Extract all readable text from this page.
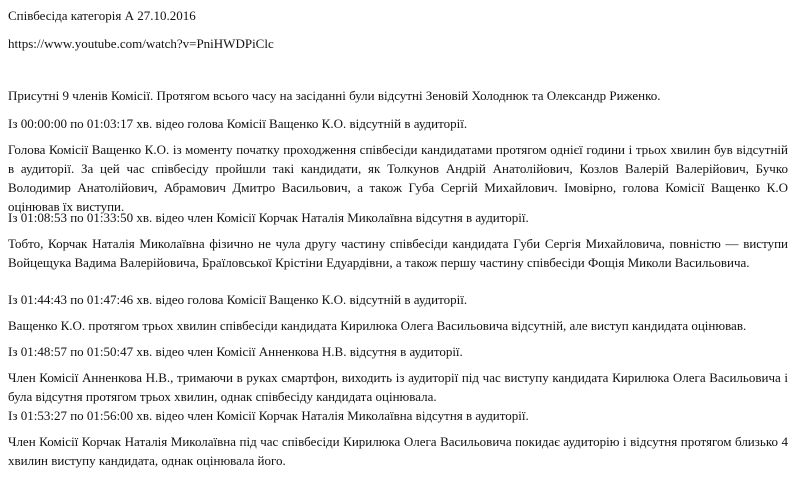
Співбесіда категорія А 27.10.2016

https://www.youtube.com/watch?v=PniHWDPiClc

Присутні 9 членів Комісії. Протягом всього часу на засіданні були відсутні Зеновій Холоднюк та Олександр Риженко.

Із 00:00:00 по 01:03:17 хв. відео голова Комісії Ващенко К.О. відсутній в аудиторії.

Голова Комісії Ващенко К.О. із моменту початку проходження співбесіди кандидатами протягом однієї години і трьох хвилин був відсутній в аудиторії. За цей час співбесіду пройшли такі кандидати, як Толкунов Андрій Анатолійович, Козлов Валерій Валерійович, Бучко Володимир Анатолійович, Абрамович Дмитро Васильович, а також Губа Сергій Михайлович. Імовірно, голова Комісії Ващенко К.О оцінював їх виступи.

Із 01:08:53 по 01:33:50 хв. відео член Комісії Корчак Наталія Миколаївна відсутня в аудиторії.

Тобто, Корчак Наталія Миколаївна фізично не чула другу частину співбесіди кандидата Губи Сергія Михайловича, повністю — виступи Войцещука Вадима Валерійовича, Браїловської Крістіни Едуардівни, а також першу частину співбесіди Фощія Миколи Васильовича.

Із 01:44:43 по 01:47:46 хв. відео голова Комісії Ващенко К.О. відсутній в аудиторії.

Ващенко К.О. протягом трьох хвилин співбесіди кандидата Кирилюка Олега Васильовича відсутній, але виступ кандидата оцінював.

Із 01:48:57 по 01:50:47 хв. відео член Комісії Анненкова Н.В. відсутня в аудиторії.

Член Комісії Анненкова Н.В., тримаючи в руках смартфон, виходить із аудиторії під час виступу кандидата Кирилюка Олега Васильовича і була відсутня протягом трьох хвилин, однак співбесіду кандидата оцінювала.

Із 01:53:27 по 01:56:00 хв. відео член Комісії Корчак Наталія Миколаївна відсутня в аудиторії.

Член Комісії Корчак Наталія Миколаївна під час співбесіди Кирилюка Олега Васильовича покидає аудиторію і відсутня протягом близько 4 хвилин виступу кандидата, однак оцінювала його.
